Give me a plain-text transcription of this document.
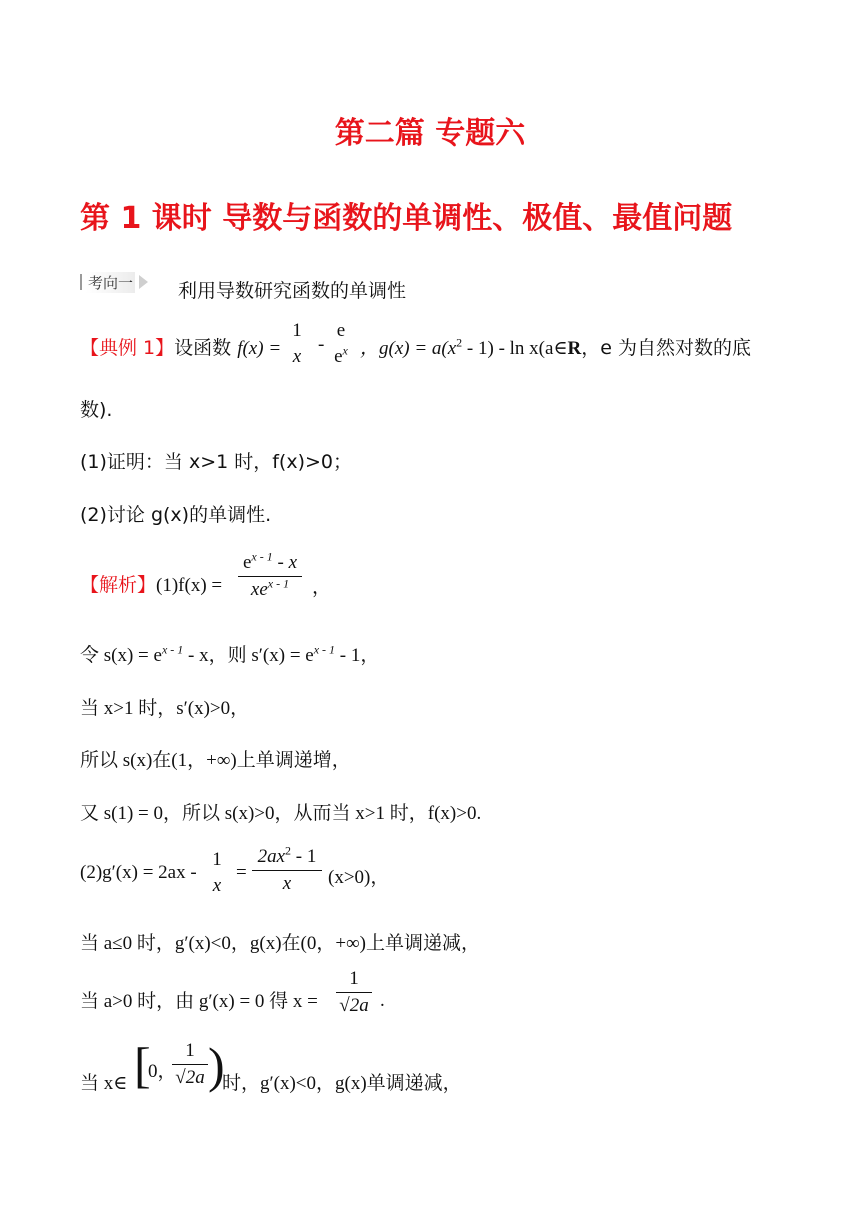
第二篇 专题六
第 1 课时 导数与函数的单调性、极值、最值问题
考向一 利用导数研究函数的单调性
【典例 1】设函数 f(x) =
1
x
-
e
$e^x$ ，$g(x) = a(x^2 - 1) - \ln$ x(a∈R，e 为自然对数的底
数).
(1)证明：当 x>1 时，f(x)>0；
(2)讨论 g(x)的单调性.
【解析】(1)f(x) =
$e^{x - 1}$ - x
$xe^{x - 1}$	，
令 $s(x) = e^{x - 1} - x$，则 $s'(x) = e^{x - 1} - 1$，
当 x>1 时，s′(x)>0，
所以 s(x)在(1，+∞)上单调递增，
又 s(1) = 0，所以 s(x)>0，从而当 x>1 时，f(x)>0.
(2)g′(x) = 2ax -
1
x
=
$2ax^2 - 1$
x	(x>0)，
当 a≤0 时，g′(x)<0，g(x)在(0，+∞)上单调递减，
当 a>0 时，由 g′(x) = 0 得 x =
1
√2a .
当 x∈ [
0，
1
√2a )
时，g′(x)<0，g(x)单调递减，
